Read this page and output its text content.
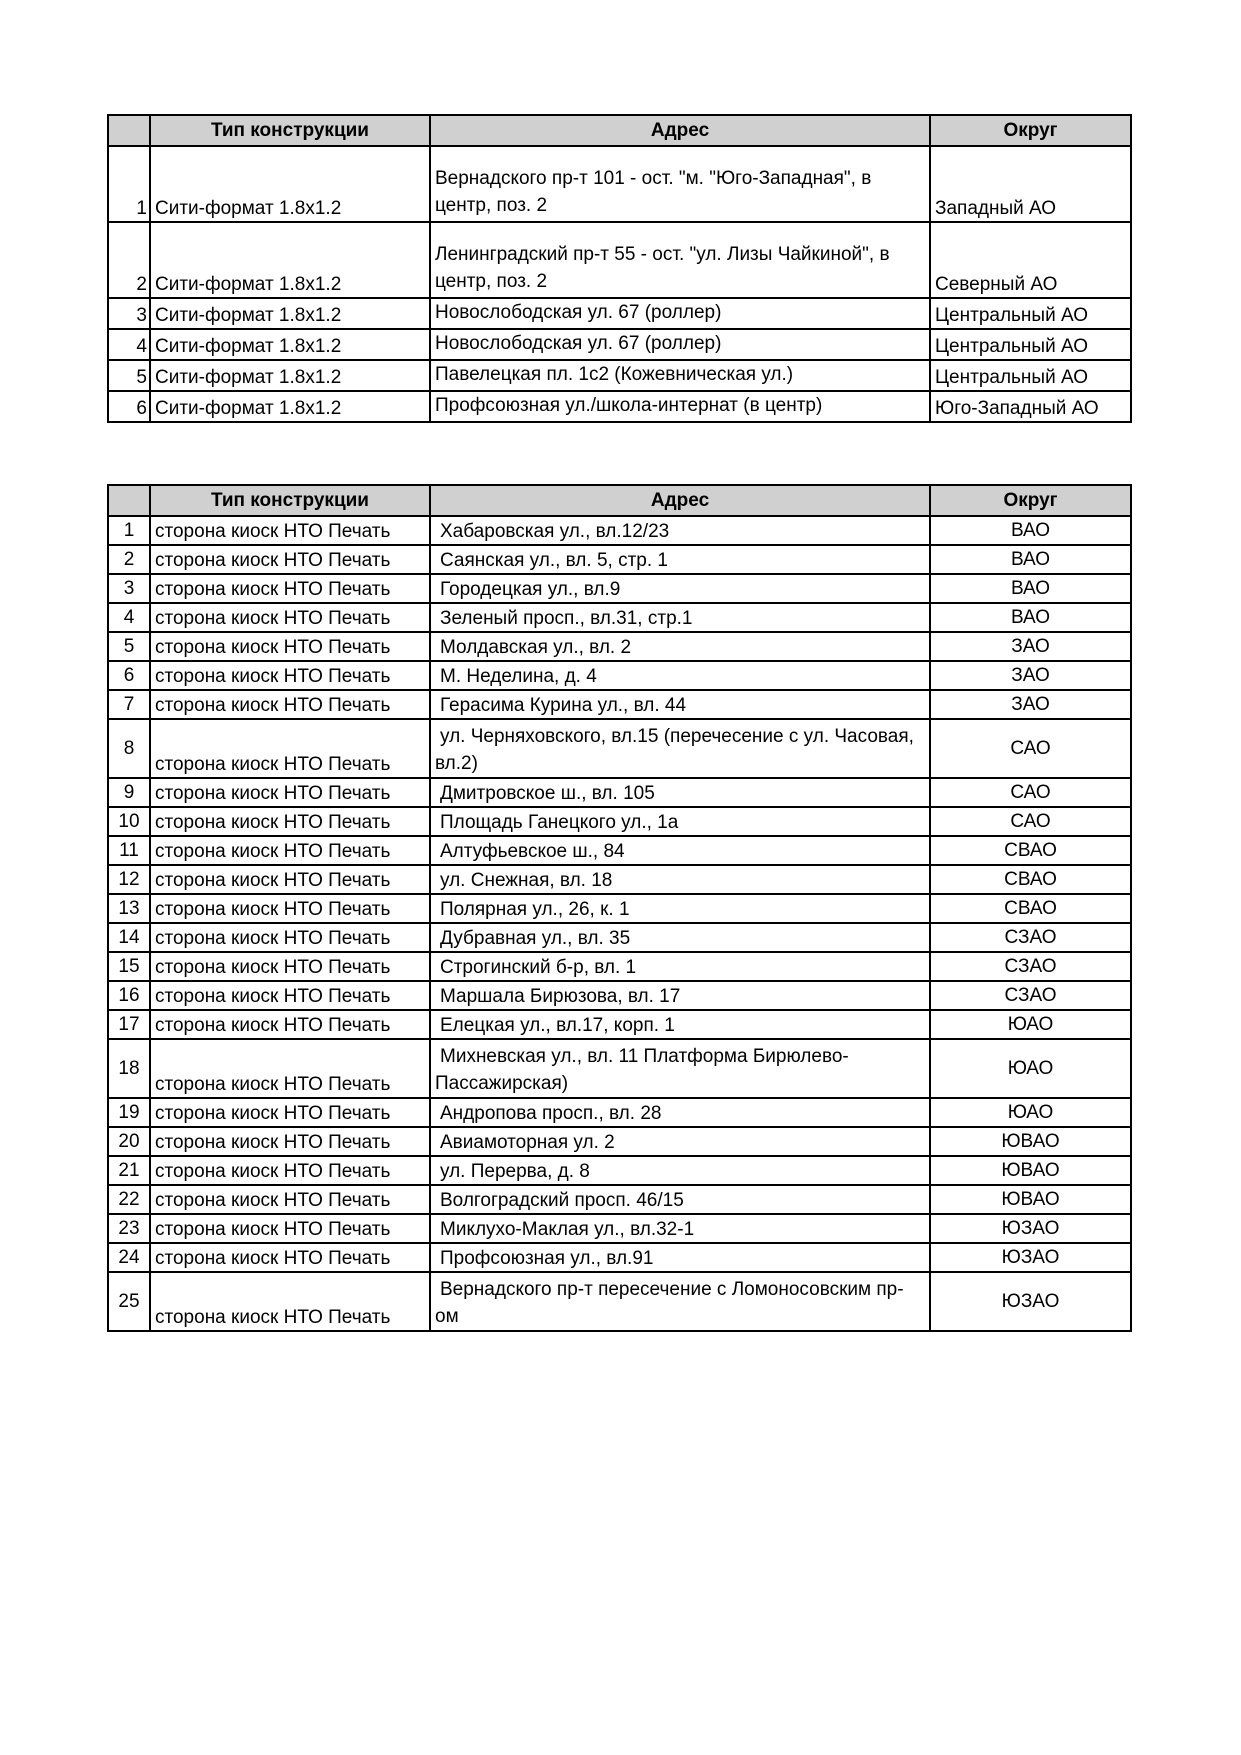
	Тип конструкции	Адрес	Округ
1	Сити-формат 1.8x1.2	Вернадского пр-т 101 - ост. "м. "Юго-Западная", в центр, поз. 2	Западный АО
2	Сити-формат 1.8x1.2	Ленинградский пр-т 55 - ост. "ул. Лизы Чайкиной", в центр, поз. 2	Северный АО
3	Сити-формат 1.8x1.2	Новослободская ул. 67 (роллер)	Центральный АО
4	Сити-формат 1.8x1.2	Новослободская ул. 67 (роллер)	Центральный АО
5	Сити-формат 1.8x1.2	Павелецкая пл. 1с2 (Кожевническая ул.)	Центральный АО
6	Сити-формат 1.8x1.2	Профсоюзная ул./школа-интернат (в центр)	Юго-Западный АО
	Тип конструкции	Адрес	Округ
1	сторона киоск НТО Печать	Хабаровская ул., вл.12/23	ВАО
2	сторона киоск НТО Печать	Саянская ул., вл. 5, стр. 1	ВАО
3	сторона киоск НТО Печать	Городецкая ул., вл.9	ВАО
4	сторона киоск НТО Печать	Зеленый просп., вл.31, стр.1	ВАО
5	сторона киоск НТО Печать	Молдавская ул., вл. 2	ЗАО
6	сторона киоск НТО Печать	М. Неделина, д. 4	ЗАО
7	сторона киоск НТО Печать	Герасима Курина ул., вл. 44	ЗАО
8	сторона киоск НТО Печать	ул. Черняховского, вл.15 (перечесение с ул. Часовая, вл.2)	САО
9	сторона киоск НТО Печать	Дмитровское ш., вл. 105	САО
10	сторона киоск НТО Печать	Площадь Ганецкого ул., 1а	САО
11	сторона киоск НТО Печать	Алтуфьевское ш., 84	СВАО
12	сторона киоск НТО Печать	ул. Снежная, вл. 18	СВАО
13	сторона киоск НТО Печать	Полярная ул., 26, к. 1	СВАО
14	сторона киоск НТО Печать	Дубравная ул., вл. 35	СЗАО
15	сторона киоск НТО Печать	Строгинский б-р, вл. 1	СЗАО
16	сторона киоск НТО Печать	Маршала Бирюзова, вл. 17	СЗАО
17	сторона киоск НТО Печать	Елецкая ул., вл.17, корп. 1	ЮАО
18	сторона киоск НТО Печать	Михневская ул., вл. 11 Платформа Бирюлево-Пассажирская)	ЮАО
19	сторона киоск НТО Печать	Андропова просп., вл. 28	ЮАО
20	сторона киоск НТО Печать	Авиамоторная ул. 2	ЮВАО
21	сторона киоск НТО Печать	ул. Перерва, д. 8	ЮВАО
22	сторона киоск НТО Печать	Волгоградский просп. 46/15	ЮВАО
23	сторона киоск НТО Печать	Миклухо-Маклая ул., вл.32-1	ЮЗАО
24	сторона киоск НТО Печать	Профсоюзная ул., вл.91	ЮЗАО
25	сторона киоск НТО Печать	Вернадского пр-т пересечение с Ломоносовским пр-ом	ЮЗАО
